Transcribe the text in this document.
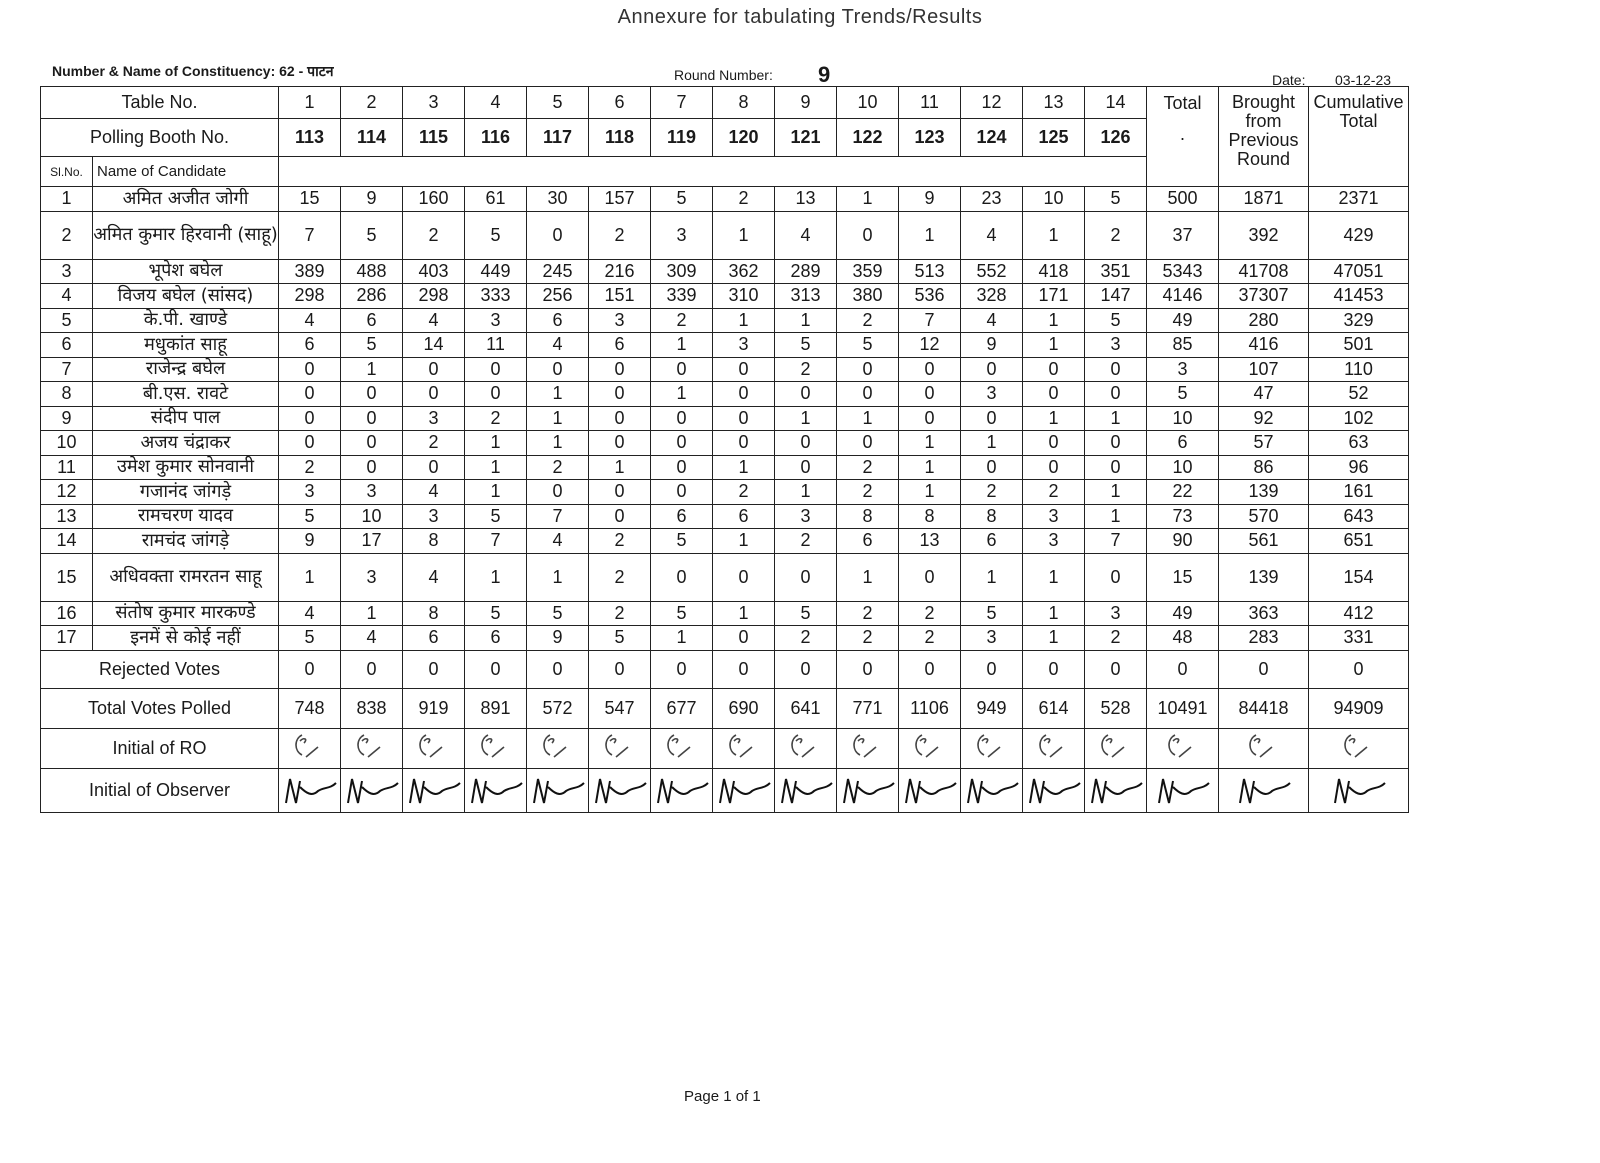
Annexure for tabulating Trends/Results
Number & Name of Constituency: 62 - पाटन	Round Number: 9	Date: 03-12-23
Table No.		1	2	3	4	5	6	7	8	9	10	11	12	13	14	Total
·	Brought from Previous Round	Cumulative Total
Polling Booth No.		113	114	115	116	117	118	119	120	121	122	123	124	125	126			
Sl.No.	Name of Candidate																	
1	अमित अजीत जोगी	15	9	160	61	30	157	5	2	13	1	9	23	10	5	500	1871	2371
2	अमित कुमार हिरवानी (साहू)	7	5	2	5	0	2	3	1	4	0	1	4	1	2	37	392	429
3	भूपेश बघेल	389	488	403	449	245	216	309	362	289	359	513	552	418	351	5343	41708	47051
4	विजय बघेल (सांसद)	298	286	298	333	256	151	339	310	313	380	536	328	171	147	4146	37307	41453
5	के.पी. खाण्डे	4	6	4	3	6	3	2	1	1	2	7	4	1	5	49	280	329
6	मधुकांत साहू	6	5	14	11	4	6	1	3	5	5	12	9	1	3	85	416	501
7	राजेन्द्र बघेल	0	1	0	0	0	0	0	0	2	0	0	0	0	0	3	107	110
8	बी.एस. रावटे	0	0	0	0	1	0	1	0	0	0	0	3	0	0	5	47	52
9	संदीप पाल	0	0	3	2	1	0	0	0	1	1	0	0	1	1	10	92	102
10	अजय चंद्राकर	0	0	2	1	1	0	0	0	0	0	1	1	0	0	6	57	63
11	उमेश कुमार सोनवानी	2	0	0	1	2	1	0	1	0	2	1	0	0	0	10	86	96
12	गजानंद जांगड़े	3	3	4	1	0	0	0	2	1	2	1	2	2	1	22	139	161
13	रामचरण यादव	5	10	3	5	7	0	6	6	3	8	8	8	3	1	73	570	643
14	रामचंद जांगड़े	9	17	8	7	4	2	5	1	2	6	13	6	3	7	90	561	651
15	अधिवक्ता रामरतन साहू	1	3	4	1	1	2	0	0	0	1	0	1	1	0	15	139	154
16	संतोष कुमार मारकण्डे	4	1	8	5	5	2	5	1	5	2	2	5	1	3	49	363	412
17	इनमें से कोई नहीं	5	4	6	6	9	5	1	0	2	2	2	3	1	2	48	283	331
Rejected Votes		0	0	0	0	0	0	0	0	0	0	0	0	0	0	0	0	0
Total Votes Polled		748	838	919	891	572	547	677	690	641	771	1106	949	614	528	10491	84418	94909
Initial of RO	

Initial of Observer	

Page 1 of 1
